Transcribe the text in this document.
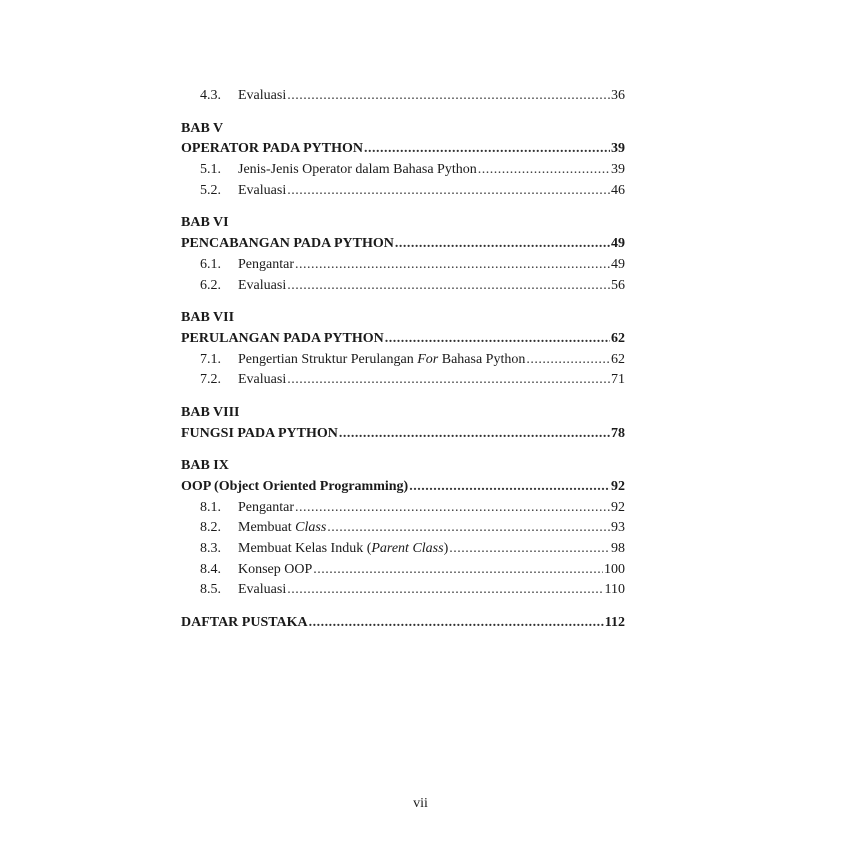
4.3.	Evaluasi .....	36
BAB V
OPERATOR PADA PYTHON .....	39
5.1.	Jenis-Jenis Operator dalam Bahasa Python .....	39
5.2.	Evaluasi .....	46
BAB VI
PENCABANGAN PADA PYTHON .....	49
6.1.	Pengantar .....	49
6.2.	Evaluasi .....	56
BAB VII
PERULANGAN PADA PYTHON .....	62
7.1.	Pengertian Struktur Perulangan For Bahasa Python .....	62
7.2.	Evaluasi .....	71
BAB VIII
FUNGSI PADA PYTHON .....	78
BAB IX
OOP (Object Oriented Programming) .....	92
8.1.	Pengantar .....	92
8.2.	Membuat Class .....	93
8.3.	Membuat Kelas Induk (Parent Class) .....	98
8.4.	Konsep OOP .....	100
8.5.	Evaluasi .....	110
DAFTAR PUSTAKA .....	112
vii
